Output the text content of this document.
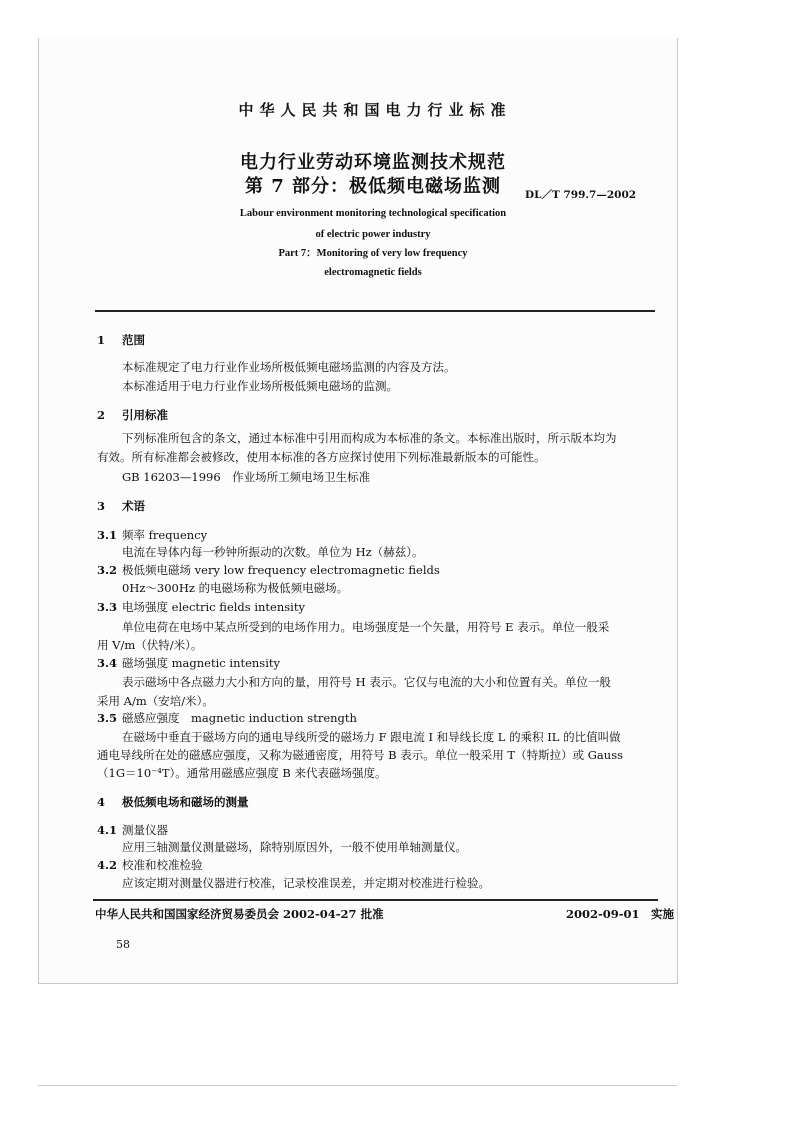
中华人民共和国电力行业标准
电力行业劳动环境监测技术规范
第 7 部分：极低频电磁场监测 DL／T 799.7—2002
Labour environment monitoring technological specification
of electric power industry
Part 7：Monitoring of very low frequency
electromagnetic fields
1 范围
本标准规定了电力行业作业场所极低频电磁场监测的内容及方法。
本标准适用于电力行业作业场所极低频电磁场的监测。
2 引用标准
下列标准所包含的条文，通过本标准中引用而构成为本标准的条文。本标准出版时，所示版本均为
有效。所有标准都会被修改，使用本标准的各方应探讨使用下列标准最新版本的可能性。
GB 16203—1996　作业场所工频电场卫生标准
3 术语
3.1 频率 frequency
电流在导体内每一秒钟所振动的次数。单位为 Hz（赫兹）。
3.2 极低频电磁场 very low frequency electromagnetic fields
0Hz～300Hz 的电磁场称为极低频电磁场。
3.3 电场强度 electric fields intensity
单位电荷在电场中某点所受到的电场作用力。电场强度是一个矢量，用符号 E 表示。单位一般采
用 V/m（伏特/米）。
3.4 磁场强度 magnetic intensity
表示磁场中各点磁力大小和方向的量，用符号 H 表示。它仅与电流的大小和位置有关。单位一般
采用 A/m（安培/米）。
3.5 磁感应强度　magnetic induction strength
在磁场中垂直于磁场方向的通电导线所受的磁场力 F 跟电流 I 和导线长度 L 的乘积 IL 的比值叫做
通电导线所在处的磁感应强度，又称为磁通密度，用符号 B 表示。单位一般采用 T（特斯拉）或 Gauss
（1G＝10⁻⁴T）。通常用磁感应强度 B 来代表磁场强度。
4 极低频电场和磁场的测量
4.1 测量仪器
应用三轴测量仪测量磁场，除特别原因外，一般不使用单轴测量仪。
4.2 校准和校准检验
应该定期对测量仪器进行校准，记录校准误差，并定期对校准进行检验。
中华人民共和国国家经济贸易委员会 2002-04-27 批准	2002-09-01　实施
58
